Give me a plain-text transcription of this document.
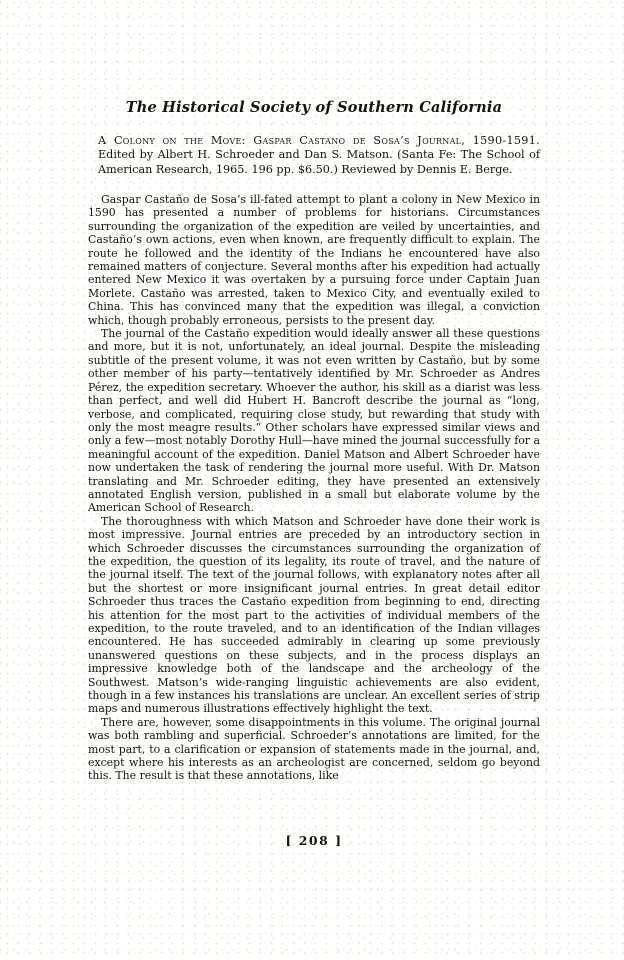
The Historical Society of Southern California

A Colony on the Move: Gaspar Castano de Sosa’s Journal, 1590-1591. Edited by Albert H. Schroeder and Dan S. Matson. (Santa Fe: The School of American Research, 1965. 196 pp. $6.50.) Reviewed by Dennis E. Berge.

Gaspar Castaño de Sosa’s ill-fated attempt to plant a colony in New Mexico in 1590 has presented a number of problems for historians. Circumstances surrounding the organization of the expedition are veiled by uncertainties, and Castaño’s own actions, even when known, are frequently difficult to explain. The route he followed and the identity of the Indians he encountered have also remained matters of conjecture. Several months after his expedition had actually entered New Mexico it was overtaken by a pursuing force under Captain Juan Morlete. Castaño was arrested, taken to Mexico City, and eventually exiled to China. This has convinced many that the expedition was illegal, a conviction which, though probably erroneous, persists to the present day.

The journal of the Castaño expedition would ideally answer all these questions and more, but it is not, unfortunately, an ideal journal. Despite the misleading subtitle of the present volume, it was not even written by Castaño, but by some other member of his party—tentatively identified by Mr. Schroeder as Andres Pérez, the expedition secretary. Whoever the author, his skill as a diarist was less than perfect, and well did Hubert H. Bancroft describe the journal as “long, verbose, and complicated, requiring close study, but rewarding that study with only the most meagre results.” Other scholars have expressed similar views and only a few—most notably Dorothy Hull—have mined the journal successfully for a meaningful account of the expedition. Daniel Matson and Albert Schroeder have now undertaken the task of rendering the journal more useful. With Dr. Matson translating and Mr. Schroeder editing, they have presented an extensively annotated English version, published in a small but elaborate volume by the American School of Research.

The thoroughness with which Matson and Schroeder have done their work is most impressive. Journal entries are preceded by an introductory section in which Schroeder discusses the circumstances surrounding the organization of the expedition, the question of its legality, its route of travel, and the nature of the journal itself. The text of the journal follows, with explanatory notes after all but the shortest or more insignificant journal entries. In great detail editor Schroeder thus traces the Castaño expedition from beginning to end, directing his attention for the most part to the activities of individual members of the expedition, to the route traveled, and to an identification of the Indian villages encountered. He has succeeded admirably in clearing up some previously unanswered questions on these subjects, and in the process displays an impressive knowledge both of the landscape and the archeology of the Southwest. Matson’s wide-ranging linguistic achievements are also evident, though in a few instances his translations are unclear. An excellent series of strip maps and numerous illustrations effectively highlight the text.

There are, however, some disappointments in this volume. The original journal was both rambling and superficial. Schroeder’s annotations are limited, for the most part, to a clarification or expansion of statements made in the journal, and, except where his interests as an archeologist are concerned, seldom go beyond this. The result is that these annotations, like

[ 208 ]
